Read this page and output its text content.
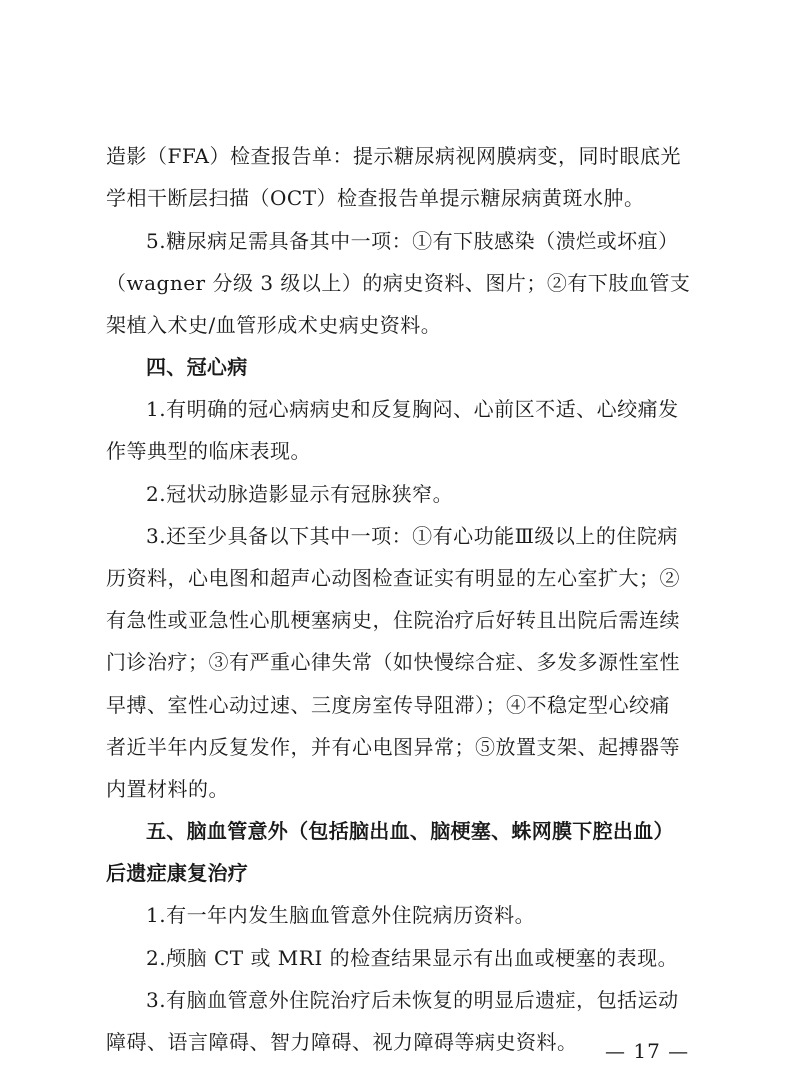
造影（FFA）检查报告单：提示糖尿病视网膜病变，同时眼底光
学相干断层扫描（OCT）检查报告单提示糖尿病黄斑水肿。
5.糖尿病足需具备其中一项：①有下肢感染（溃烂或坏疽）
（wagner 分级 3 级以上）的病史资料、图片；②有下肢血管支
架植入术史/血管形成术史病史资料。
四、冠心病
1.有明确的冠心病病史和反复胸闷、心前区不适、心绞痛发
作等典型的临床表现。
2.冠状动脉造影显示有冠脉狭窄。
3.还至少具备以下其中一项：①有心功能Ⅲ级以上的住院病
历资料，心电图和超声心动图检查证实有明显的左心室扩大；②
有急性或亚急性心肌梗塞病史，住院治疗后好转且出院后需连续
门诊治疗；③有严重心律失常（如快慢综合症、多发多源性室性
早搏、室性心动过速、三度房室传导阻滞）；④不稳定型心绞痛
者近半年内反复发作，并有心电图异常；⑤放置支架、起搏器等
内置材料的。
五、脑血管意外（包括脑出血、脑梗塞、蛛网膜下腔出血）
后遗症康复治疗
1.有一年内发生脑血管意外住院病历资料。
2.颅脑 CT 或 MRI 的检查结果显示有出血或梗塞的表现。
3.有脑血管意外住院治疗后未恢复的明显后遗症，包括运动
障碍、语言障碍、智力障碍、视力障碍等病史资料。	— 17 —
